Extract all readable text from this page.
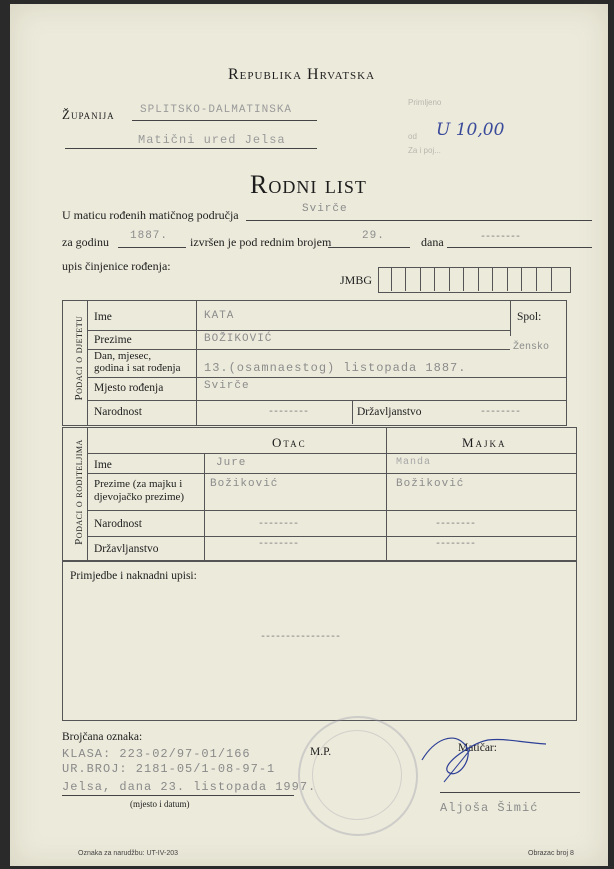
Republika Hrvatska
Županija SPLITSKO-DALMATINSKA
Matični ured Jelsa
Primljeno
od
Za i poj...
U 10,00
Rodni list
U maticu rođenih matičnog područja	Svirče
za godinu 1887. izvršen je pod rednim brojem	29.	dana	--------
upis činjenice rođenja:
JMBG
Podaci o djetetu Ime	KATA	Spol:
Žensko
Prezime	BOŽIKOVIĆ
Dan, mjesec,
godina i sat rođenja 13.(osamnaestog) listopada 1887.
Mjesto rođenja	Svirče
Narodnost	--------	Državljanstvo	--------
Podaci o roditeljima	Otac	Majka
Ime	Jure	Manda
Prezime (za majku i
djevojačko prezime)
Božiković	Božiković
Narodnost	--------	--------
Državljanstvo	--------	--------
Primjedbe i naknadni upisi:
----------------
Brojčana oznaka:
KLASA: 223-02/97-01/166
UR.BROJ: 2181-05/1-08-97-1
Jelsa, dana 23. listopada 1997.
(mjesto i datum)
M.P.	Matičar:
Aljoša Šimić
Oznaka za narudžbu: UT-IV-203	Obrazac broj 8
